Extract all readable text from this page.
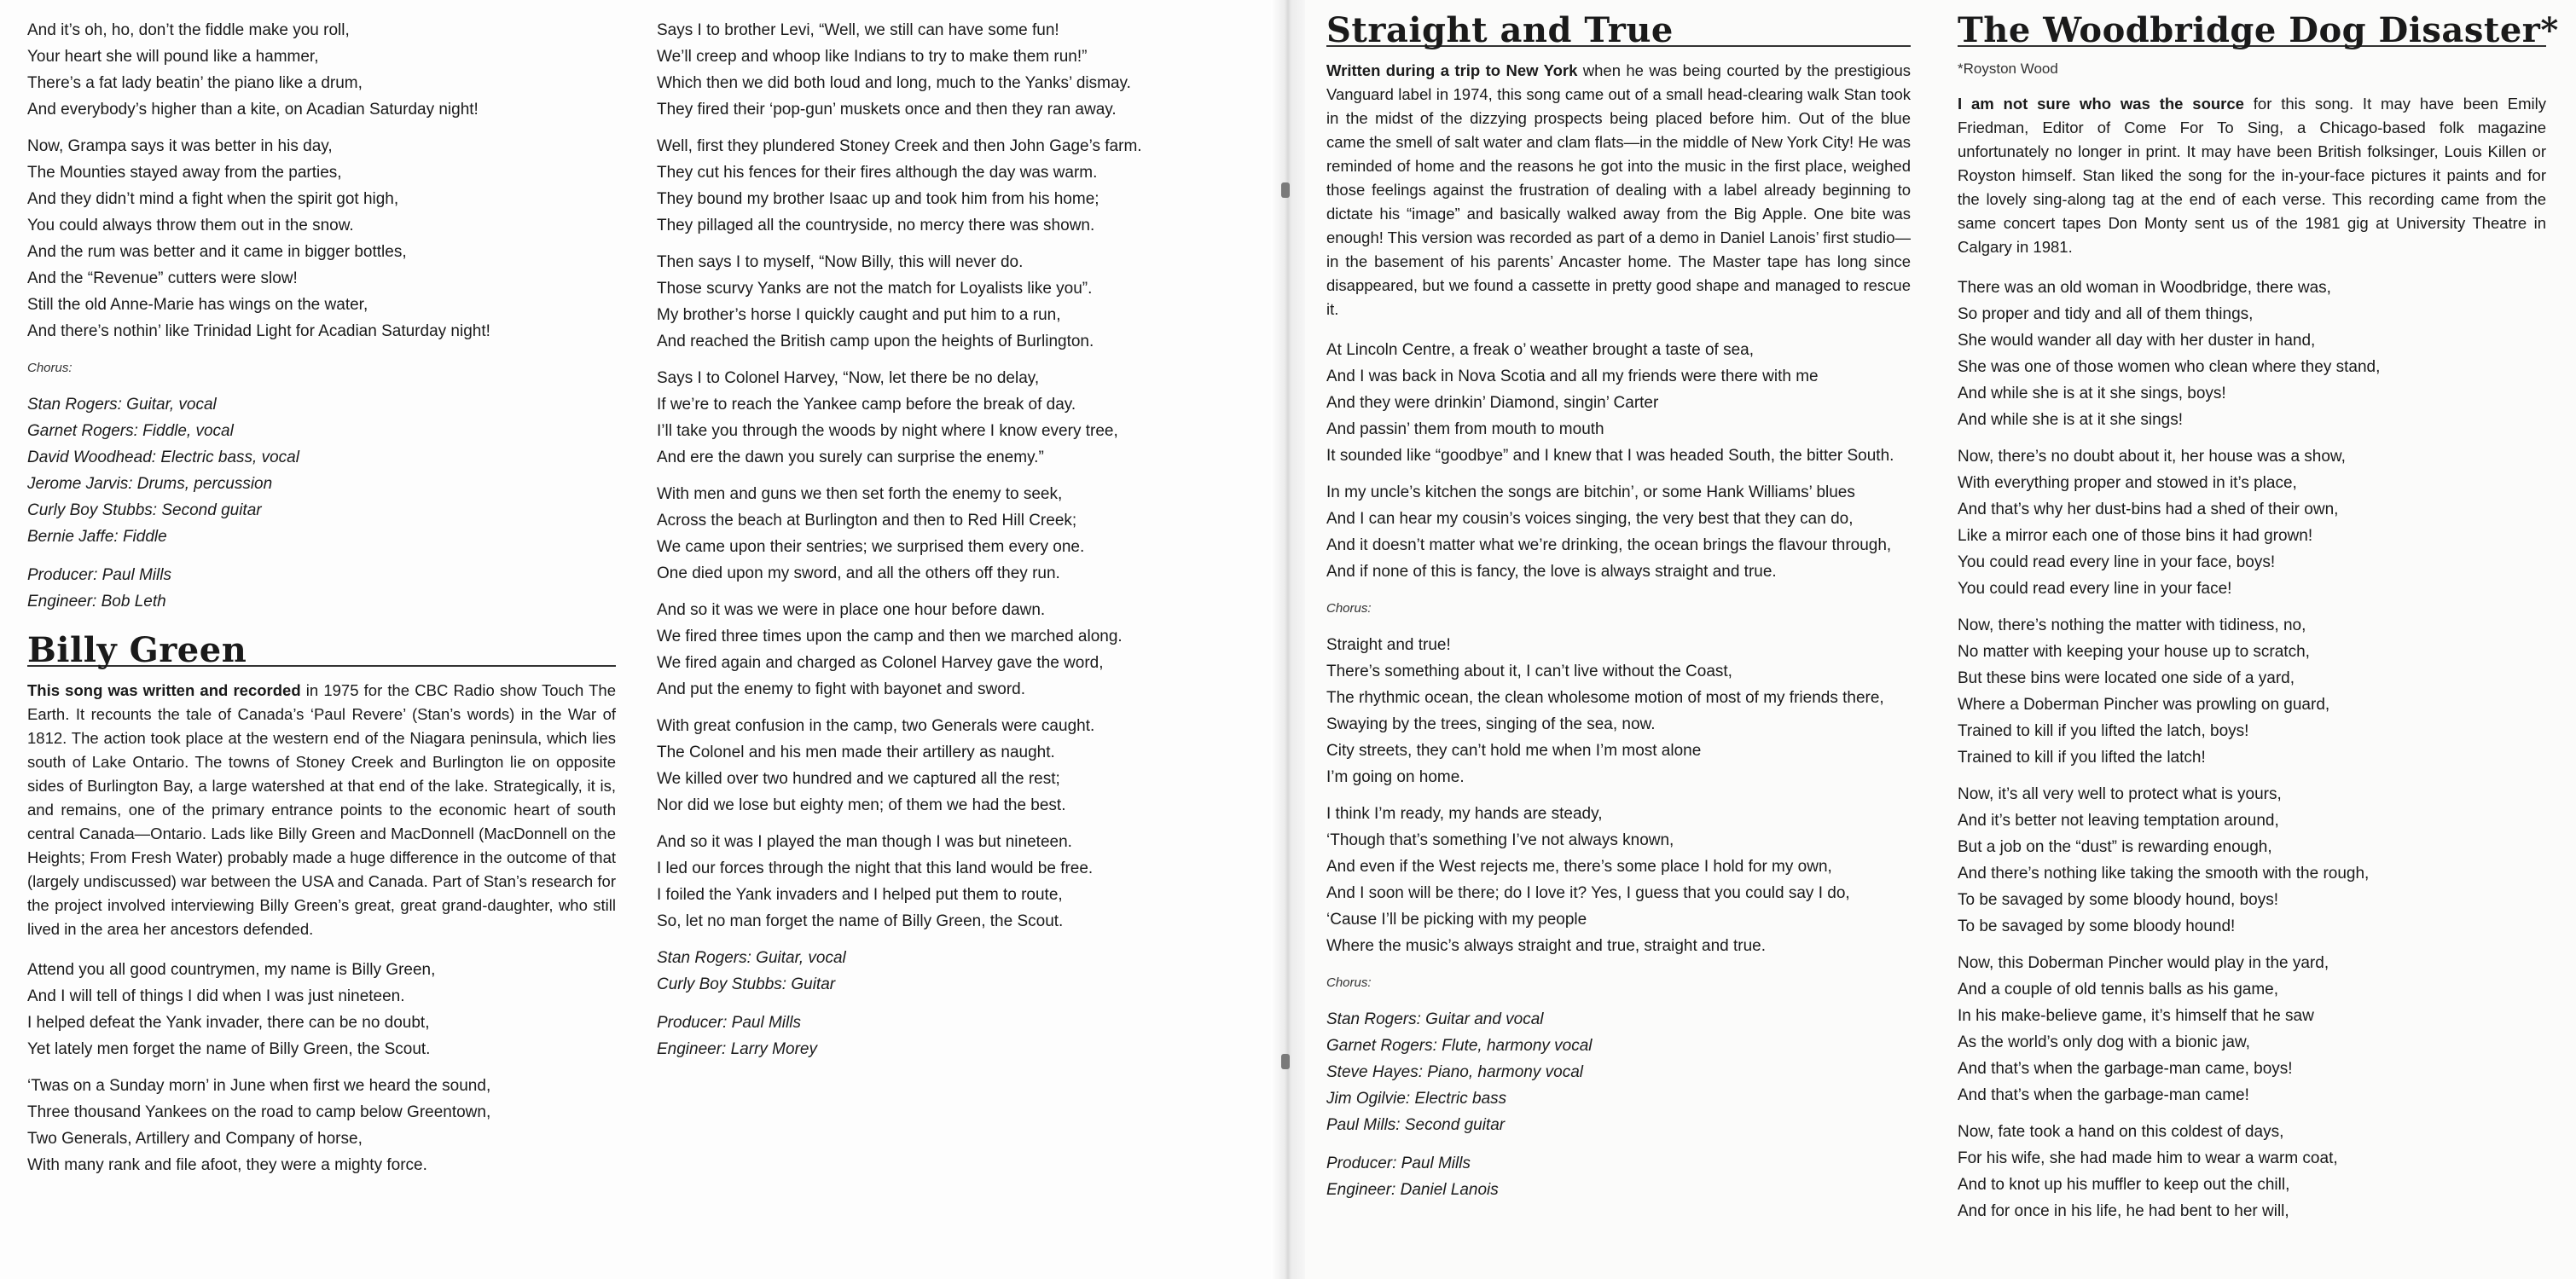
And it’s oh, ho, don’t the fiddle make you roll,

Your heart she will pound like a hammer,

There’s a fat lady beatin’ the piano like a drum,

And everybody’s higher than a kite, on Acadian Saturday night!

Now, Grampa says it was better in his day,

The Mounties stayed away from the parties,

And they didn’t mind a fight when the spirit got high,

You could always throw them out in the snow.

And the rum was better and it came in bigger bottles,

And the “Revenue” cutters were slow!

Still the old Anne-Marie has wings on the water,

And there’s nothin’ like Trinidad Light for Acadian Saturday night!

Chorus:

Stan Rogers: Guitar, vocal

Garnet Rogers: Fiddle, vocal

David Woodhead: Electric bass, vocal

Jerome Jarvis: Drums, percussion

Curly Boy Stubbs: Second guitar

Bernie Jaffe: Fiddle

Producer: Paul Mills

Engineer: Bob Leth

Billy Green
This song was written and recorded in 1975 for the CBC Radio show Touch The Earth. It recounts the tale of Canada’s ‘Paul Revere’ (Stan’s words) in the War of 1812. The action took place at the western end of the Niagara peninsula, which lies south of Lake Ontario. The towns of Stoney Creek and Burlington lie on opposite sides of Burlington Bay, a large watershed at that end of the lake. Strategically, it is, and remains, one of the primary entrance points to the economic heart of south central Canada—Ontario. Lads like Billy Green and MacDonnell (MacDonnell on the Heights; From Fresh Water) probably made a huge difference in the outcome of that (largely undiscussed) war between the USA and Canada. Part of Stan’s research for the project involved interviewing Billy Green’s great, great grand-daughter, who still lived in the area her ancestors defended.

Attend you all good countrymen, my name is Billy Green,

And I will tell of things I did when I was just nineteen.

I helped defeat the Yank invader, there can be no doubt,

Yet lately men forget the name of Billy Green, the Scout.

‘Twas on a Sunday morn’ in June when first we heard the sound,

Three thousand Yankees on the road to camp below Greentown,

Two Generals, Artillery and Company of horse,

With many rank and file afoot, they were a mighty force.

Says I to brother Levi, “Well, we still can have some fun!

We’ll creep and whoop like Indians to try to make them run!”

Which then we did both loud and long, much to the Yanks’ dismay.

They fired their ‘pop-gun’ muskets once and then they ran away.

Well, first they plundered Stoney Creek and then John Gage’s farm.

They cut his fences for their fires although the day was warm.

They bound my brother Isaac up and took him from his home;

They pillaged all the countryside, no mercy there was shown.

Then says I to myself, “Now Billy, this will never do.

Those scurvy Yanks are not the match for Loyalists like you”.

My brother’s horse I quickly caught and put him to a run,

And reached the British camp upon the heights of Burlington.

Says I to Colonel Harvey, “Now, let there be no delay,

If we’re to reach the Yankee camp before the break of day.

I’ll take you through the woods by night where I know every tree,

And ere the dawn you surely can surprise the enemy.”

With men and guns we then set forth the enemy to seek,

Across the beach at Burlington and then to Red Hill Creek;

We came upon their sentries; we surprised them every one.

One died upon my sword, and all the others off they run.

And so it was we were in place one hour before dawn.

We fired three times upon the camp and then we marched along.

We fired again and charged as Colonel Harvey gave the word,

And put the enemy to fight with bayonet and sword.

With great confusion in the camp, two Generals were caught.

The Colonel and his men made their artillery as naught.

We killed over two hundred and we captured all the rest;

Nor did we lose but eighty men; of them we had the best.

And so it was I played the man though I was but nineteen.

I led our forces through the night that this land would be free.

I foiled the Yank invaders and I helped put them to route,

So, let no man forget the name of Billy Green, the Scout.

Stan Rogers: Guitar, vocal

Curly Boy Stubbs: Guitar

Producer: Paul Mills

Engineer: Larry Morey

Straight and True
Written during a trip to New York when he was being courted by the prestigious Vanguard label in 1974, this song came out of a small head-clearing walk Stan took in the midst of the dizzying prospects being placed before him. Out of the blue came the smell of salt water and clam flats—in the middle of New York City! He was reminded of home and the reasons he got into the music in the first place, weighed those feelings against the frustration of dealing with a label already beginning to dictate his “image” and basically walked away from the Big Apple. One bite was enough! This version was recorded as part of a demo in Daniel Lanois’ first studio—in the basement of his parents’ Ancaster home. The Master tape has long since disappeared, but we found a cassette in pretty good shape and managed to rescue it.

At Lincoln Centre, a freak o’ weather brought a taste of sea,

And I was back in Nova Scotia and all my friends were there with me

And they were drinkin’ Diamond, singin’ Carter

And passin’ them from mouth to mouth

It sounded like “goodbye” and I knew that I was headed South, the bitter South.

In my uncle’s kitchen the songs are bitchin’, or some Hank Williams’ blues

And I can hear my cousin’s voices singing, the very best that they can do,

And it doesn’t matter what we’re drinking, the ocean brings the flavour through,

And if none of this is fancy, the love is always straight and true.

Chorus:

Straight and true!

There’s something about it, I can’t live without the Coast,

The rhythmic ocean, the clean wholesome motion of most of my friends there,

Swaying by the trees, singing of the sea, now.

City streets, they can’t hold me when I’m most alone

I’m going on home.

I think I’m ready, my hands are steady,

‘Though that’s something I’ve not always known,

And even if the West rejects me, there’s some place I hold for my own,

And I soon will be there; do I love it? Yes, I guess that you could say I do,

‘Cause I’ll be picking with my people

Where the music’s always straight and true, straight and true.

Chorus:

Stan Rogers: Guitar and vocal

Garnet Rogers: Flute, harmony vocal

Steve Hayes: Piano, harmony vocal

Jim Ogilvie: Electric bass

Paul Mills: Second guitar

Producer: Paul Mills

Engineer: Daniel Lanois

The Woodbridge Dog Disaster*
*Royston Wood
I am not sure who was the source for this song. It may have been Emily Friedman, Editor of Come For To Sing, a Chicago-based folk magazine unfortunately no longer in print. It may have been British folksinger, Louis Killen or Royston himself. Stan liked the song for the in-your-face pictures it paints and for the lovely sing-along tag at the end of each verse. This recording came from the same concert tapes Don Monty sent us of the 1981 gig at University Theatre in Calgary in 1981.

There was an old woman in Woodbridge, there was,

So proper and tidy and all of them things,

She would wander all day with her duster in hand,

She was one of those women who clean where they stand,

And while she is at it she sings, boys!

And while she is at it she sings!

Now, there’s no doubt about it, her house was a show,

With everything proper and stowed in it’s place,

And that’s why her dust-bins had a shed of their own,

Like a mirror each one of those bins it had grown!

You could read every line in your face, boys!

You could read every line in your face!

Now, there’s nothing the matter with tidiness, no,

No matter with keeping your house up to scratch,

But these bins were located one side of a yard,

Where a Doberman Pincher was prowling on guard,

Trained to kill if you lifted the latch, boys!

Trained to kill if you lifted the latch!

Now, it’s all very well to protect what is yours,

And it’s better not leaving temptation around,

But a job on the “dust” is rewarding enough,

And there’s nothing like taking the smooth with the rough,

To be savaged by some bloody hound, boys!

To be savaged by some bloody hound!

Now, this Doberman Pincher would play in the yard,

And a couple of old tennis balls as his game,

In his make-believe game, it’s himself that he saw

As the world’s only dog with a bionic jaw,

And that’s when the garbage-man came, boys!

And that’s when the garbage-man came!

Now, fate took a hand on this coldest of days,

For his wife, she had made him to wear a warm coat,

And to knot up his muffler to keep out the chill,

And for once in his life, he had bent to her will,
